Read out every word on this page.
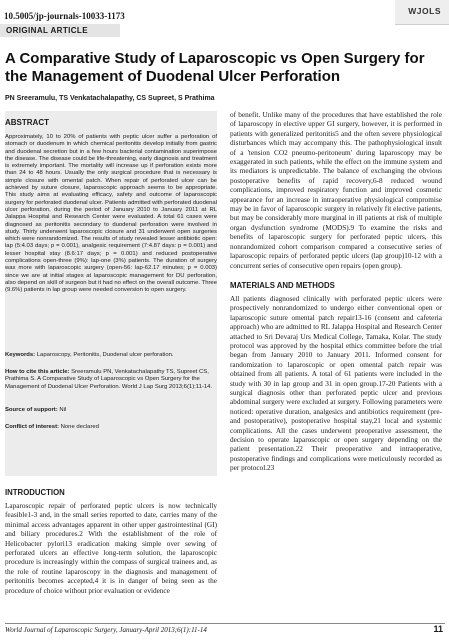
WJOLS
10.5005/jp-journals-10033-1173
ORIGINAL ARTICLE
A Comparative Study of Laparoscopic vs Open Surgery for the Management of Duodenal Ulcer Perforation
PN Sreeramulu, TS Venkatachalapathy, CS Supreet, S Prathima
ABSTRACT
Approximately, 10 to 20% of patients with peptic ulcer suffer a perforation of stomach or duodenum in which chemical peritonitis develop initially from gastric and duodenal secretion but in a few hours bacterial contamination superimpose the disease. The disease could be life-threatening, early diagnosis and treatment is extremely important. The mortality will increase up if perforation exists more than 24 to 48 hours. Usually the only surgical procedure that is necessary is simple closure with omental patch. When repair of perforated ulcer can be achieved by suture closure, laparoscopic approach seems to be appropriate. This study aims at evaluating efficacy, safety and outcome of laparoscopic surgery for perforated duodenal ulcer. Patients admitted with perforated duodenal ulcer perforation, during the period of January 2010 to January 2011 at RL Jalappa Hospital and Research Center were evaluated. A total 61 cases were diagnosed as peritonitis secondary to duodenal perforation were involved in study. Thirty underwent laparoscopic closure and 31 underwent open surgeries which were nonrandomized. The results of study revealed lesser antibiotic open: lap (5:4.03 days; p = 0.001), analgesic requirement (7:4.87 days: p = 0.001) and lesser hospital stay (8.6:17 days; p = 0.001) and reduced postoperative complications open-three (9%): lap-one (3%) patients. The duration of surgery was more with laparoscopic surgery (open-56: lap-62.17 minutes; p = 0.003) since we are at initial stages at laparoscopic management for DU perforation, also depend on skill of surgeon but it had no effect on the overall outcome. Three (9.6%) patients in lap group were needed conversion to open surgery.
Keywords: Laparoscopy, Peritonitis, Duodenal ulcer perforation.
How to cite this article: Sreeramulu PN, Venkatachalapathy TS, Supreet CS, Prathima S. A Comparative Study of Laparoscopic vs Open Surgery for the Management of Duodenal Ulcer Perforation. World J Lap Surg 2013;6(1):11-14.
Source of support: Nil
Conflict of interest: None declared

INTRODUCTION

Laparoscopic repair of perforated peptic ulcers is now technically feasible1-3 and, in the small series reported to date, carries many of the minimal access advantages apparent in other upper gastrointestinal (GI) and biliary procedures.2 With the establishment of the role of Helicobacter pylori13 eradication making simple over sewing of perforated ulcers an effective long-term solution, the laparoscopic procedure is increasingly within the compass of surgical trainees and, as the role of routine laparoscopy in the diagnosis and management of peritonitis becomes accepted,4 it is in danger of being seen as the procedure of choice without prior evaluation or evidence

of benefit. Unlike many of the procedures that have established the role of laparoscopy in elective upper GI surgery, however, it is performed in patients with generalized peritonitis5 and the often severe physiological disturbances which may accompany this. The pathophysiological insult of a 'tension CO2 pneumo-peritoneum' during laparoscopy may be exaggerated in such patients, while the effect on the immune system and its mediators is unpredictable. The balance of exchanging the obvious postoperative benefits of rapid recovery,6-8 reduced wound complications, improved respiratory function and improved cosmetic appearance for an increase in intraoperative physiological compromise may be in favor of laparoscopic surgery in relatively fit elective patients, but may be considerably more marginal in ill patients at risk of multiple organ dysfunction syndrome (MODS).9 To examine the risks and benefits of laparoscopic surgery for perforated peptic ulcers, this nonrandomized cohort comparison compared a consecutive series of laparoscopic repairs of perforated peptic ulcers (lap group)10-12 with a concurrent series of consecutive open repairs (open group).

MATERIALS AND METHODS

All patients diagnosed clinically with perforated peptic ulcers were prospectively nonrandomized to undergo either conventional open or laparoscopic suture omental patch repair13-16 (consent and cafeteria approach) who are admitted to RL Jalappa Hospital and Research Center attached to Sri Devaraj Urs Medical College, Tamaka, Kolar. The study protocol was approved by the hospital ethics committee before the trial began from January 2010 to January 2011. Informed consent for randomization to laparoscopic or open omental patch repair was obtained from all patients. A total of 61 patients were included in the study with 30 in lap group and 31 in open group.17-20 Patients with a surgical diagnosis other than perforated peptic ulcer and previous abdominal surgery were excluded at surgery. Following parameters were noticed: operative duration, analgesics and antibiotics requirement (pre- and postoperative), postoperative hospital stay,21 local and systemic complications. All the cases underwent preoperative assessment, the decision to operate laparoscopic or open surgery depending on the patient presentation.22 Their preoperative and intraoperative, postoperative findings and complications were meticulously recorded as per protocol.23

World Journal of Laparoscopic Surgery, January-April 2013;6(1):11-14	11
